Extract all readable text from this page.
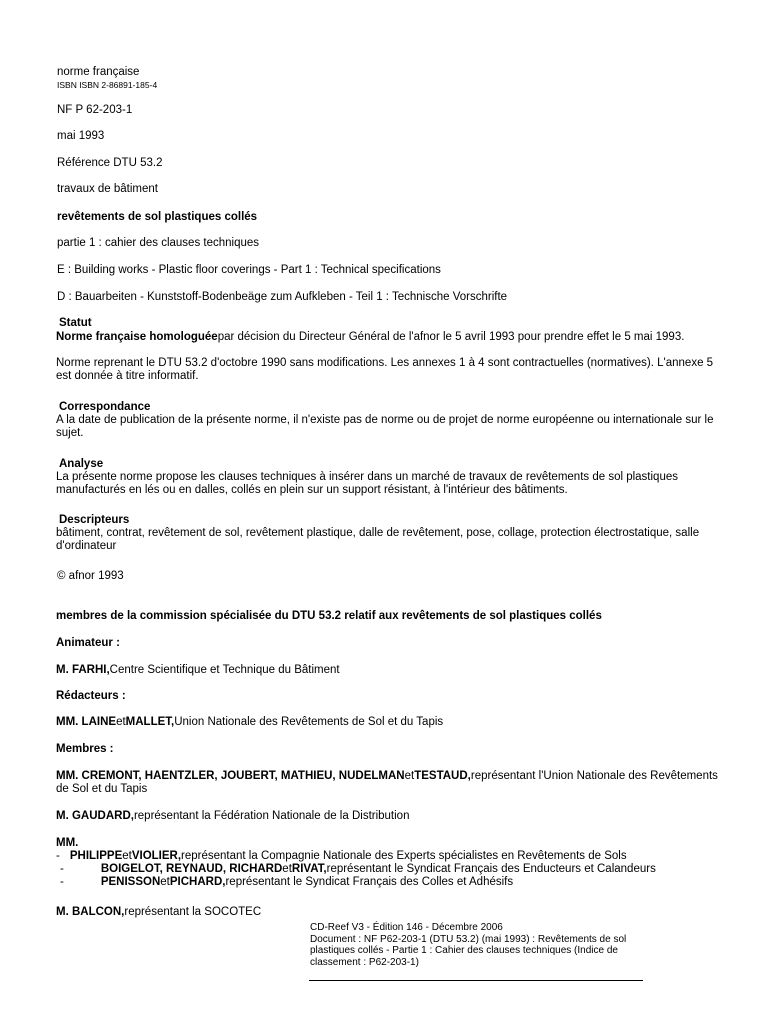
norme française
ISBN ISBN 2-86891-185-4
NF P 62-203-1
mai 1993
Référence DTU 53.2
travaux de bâtiment
revêtements de sol plastiques collés
partie 1 : cahier des clauses techniques
E : Building works - Plastic floor coverings - Part 1 : Technical specifications
D : Bauarbeiten - Kunststoff-Bodenbeäge zum Aufkleben - Teil 1 : Technische Vorschrifte
Statut
Norme française homologuéepar décision du Directeur Général de l'afnor le 5 avril 1993 pour prendre effet le 5 mai 1993.
Norme reprenant le DTU 53.2 d'octobre 1990 sans modifications. Les annexes 1 à 4 sont contractuelles (normatives). L'annexe 5 est donnée à titre informatif.
Correspondance
A la date de publication de la présente norme, il n'existe pas de norme ou de projet de norme européenne ou internationale sur le sujet.
Analyse
La présente norme propose les clauses techniques à insérer dans un marché de travaux de revêtements de sol plastiques manufacturés en lés ou en dalles, collés en plein sur un support résistant, à l'intérieur des bâtiments.
Descripteurs
bâtiment, contrat, revêtement de sol, revêtement plastique, dalle de revêtement, pose, collage, protection électrostatique, salle d'ordinateur
© afnor 1993
membres de la commission spécialisée du DTU 53.2 relatif aux revêtements de sol plastiques collés
Animateur :
M. FARHI,Centre Scientifique et Technique du Bâtiment
Rédacteurs :
MM. LAINEetMALLET,Union Nationale des Revêtements de Sol et du Tapis
Membres :
MM. CREMONT, HAENTZLER, JOUBERT, MATHIEU, NUDELMANetTESTAUD,représentant l'Union Nationale des Revêtements
de Sol et du Tapis
M. GAUDARD,représentant la Fédération Nationale de la Distribution
MM.
- PHILIPPEetVIOLIER,représentant la Compagnie Nationale des Experts spécialistes en Revêtements de Sols
-	BOIGELOT, REYNAUD, RICHARDetRIVAT,représentant le Syndicat Français des Enducteurs et Calandeurs
-	PENISSONetPICHARD,représentant le Syndicat Français des Colles et Adhésifs
M. BALCON,représentant la SOCOTEC
CD-Reef V3 - Édition 146 - Décembre 2006
Document : NF P62-203-1 (DTU 53.2) (mai 1993) : Revêtements de sol plastiques collés - Partie 1 : Cahier des clauses techniques (Indice de classement : P62-203-1)
